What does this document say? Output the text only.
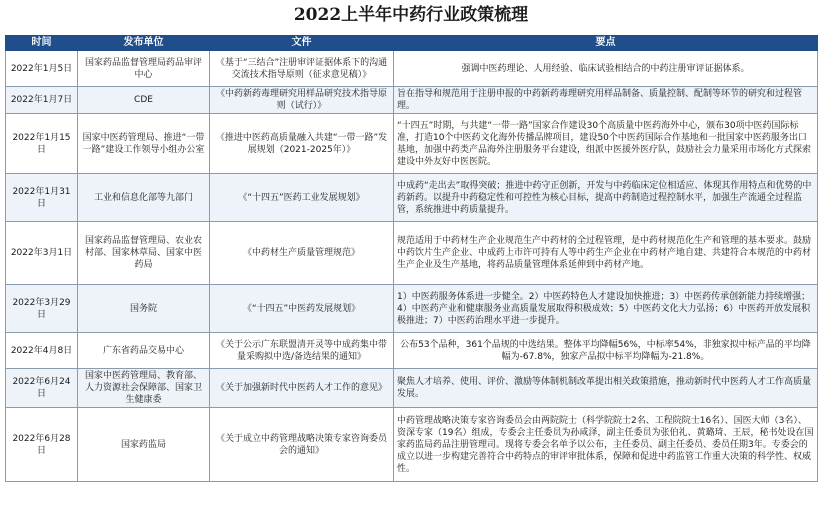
2022上半年中药行业政策梳理
时间	发布单位	文件	要点
2022年1月5日	国家药品监督管理局药品审评中心	《基于“三结合”注册审评证据体系下的沟通交流技术指导原则（征求意见稿）》	强调中医药理论、人用经验、临床试验相结合的中药注册审评证据体系。
2022年1月7日	CDE	《中药新药毒理研究用样品研究技术指导原则（试行）》	旨在指导和规范用于注册申报的中药新药毒理研究用样品制备、质量控制、配制等环节的研究和过程管理。
2022年1月15日	国家中医药管理局、推进“一带一路”建设工作领导小组办公室	《推进中医药高质量融入共建“一带一路”发展规划（2021-2025年）》	“十四五”时期，与共建“一带一路”国家合作建设30个高质量中医药海外中心，颁布30项中医药国际标准，打造10个中医药文化海外传播品牌项目，建设50个中医药国际合作基地和一批国家中医药服务出口基地，加强中药类产品海外注册服务平台建设，组派中医援外医疗队，鼓励社会力量采用市场化方式探索建设中外友好中医医院。
2022年1月31日	工业和信息化部等九部门	《“十四五”医药工业发展规划》	中成药“走出去”取得突破；推进中药守正创新，开发与中药临床定位相适应、体现其作用特点和优势的中药新药。以提升中药稳定性和可控性为核心目标，提高中药制造过程控制水平，加强生产流通全过程监管，系统推进中药质量提升。
2022年3月1日	国家药品监督管理局、农业农村部、国家林草局、国家中医药局	《中药材生产质量管理规范》	规范适用于中药材生产企业规范生产中药材的全过程管理，是中药材规范化生产和管理的基本要求。鼓励中药饮片生产企业、中成药上市许可持有人等中药生产企业在中药材产地自建、共建符合本规范的中药材生产企业及生产基地，将药品质量管理体系延伸到中药材产地。
2022年3月29日	国务院	《“十四五”中医药发展规划》	1）中医药服务体系进一步健全。2）中医药特色人才建设加快推进；3）中医药传承创新能力持续增强；4）中医药产业和健康服务业高质量发展取得积极成效；5）中医药文化大力弘扬；6）中医药开放发展积极推进；7）中医药治理水平进一步提升。
2022年4月8日	广东省药品交易中心	《关于公示广东联盟清开灵等中成药集中带量采购拟中选/备选结果的通知》	公布53个品种，361个品规的中选结果。整体平均降幅56%，中标率54%，非独家拟中标产品的平均降幅为-67.8%，独家产品拟中标平均降幅为-21.8%。
2022年6月24日	国家中医药管理局、教育部、人力资源社会保障部、国家卫生健康委	《关于加强新时代中医药人才工作的意见》	聚焦人才培养、使用、评价、激励等体制机制改革提出相关政策措施，推动新时代中医药人才工作高质量发展。
2022年6月28日	国家药监局	《关于成立中药管理战略决策专家咨询委员会的通知》	中药管理战略决策专家咨询委员会由两院院士（科学院院士2名、工程院院士16名）、国医大师（3名）、资深专家（19名）组成，专委会主任委员为孙咸泽，副主任委员为张伯礼、黄璐琦、王辰，秘书处设在国家药监局药品注册管理司。现将专委会名单予以公布，主任委员、副主任委员、委员任期3年。专委会的成立以进一步构建完善符合中药特点的审评审批体系，保障和促进中药监管工作重大决策的科学性、权威性。
